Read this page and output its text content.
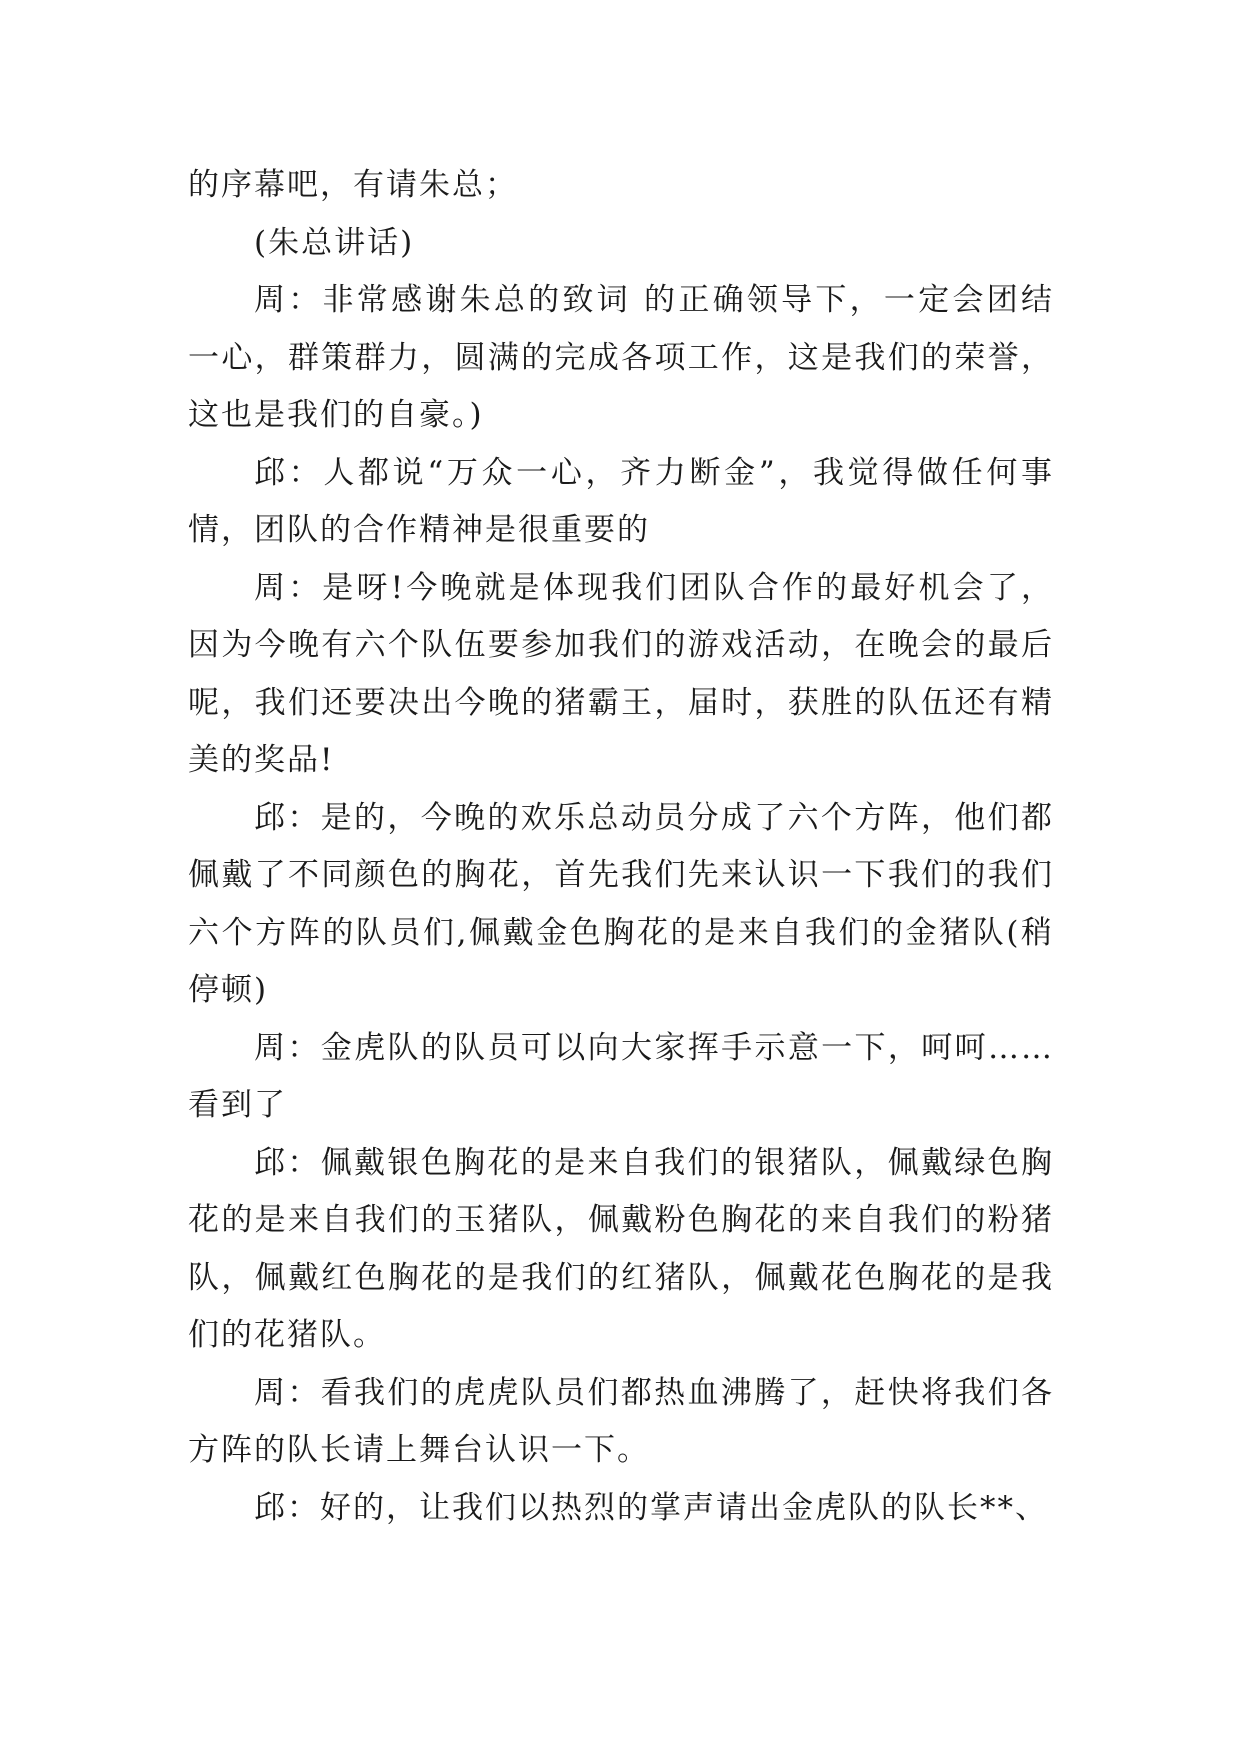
的序幕吧，有请朱总；

(朱总讲话)

周：非常感谢朱总的致词 的正确领导下，一定会团结一心，群策群力，圆满的完成各项工作，这是我们的荣誉，这也是我们的自豪。)

邱：人都说“万众一心，齐力断金”，我觉得做任何事情，团队的合作精神是很重要的

周：是呀!今晚就是体现我们团队合作的最好机会了，因为今晚有六个队伍要参加我们的游戏活动，在晚会的最后呢，我们还要决出今晚的猪霸王，届时，获胜的队伍还有精美的奖品!

邱：是的，今晚的欢乐总动员分成了六个方阵，他们都佩戴了不同颜色的胸花，首先我们先来认识一下我们的我们六个方阵的队员们,佩戴金色胸花的是来自我们的金猪队(稍停顿)

周：金虎队的队员可以向大家挥手示意一下，呵呵……看到了

邱：佩戴银色胸花的是来自我们的银猪队，佩戴绿色胸花的是来自我们的玉猪队，佩戴粉色胸花的来自我们的粉猪队，佩戴红色胸花的是我们的红猪队，佩戴花色胸花的是我们的花猪队。

周：看我们的虎虎队员们都热血沸腾了，赶快将我们各方阵的队长请上舞台认识一下。

邱：好的，让我们以热烈的掌声请出金虎队的队长**、
